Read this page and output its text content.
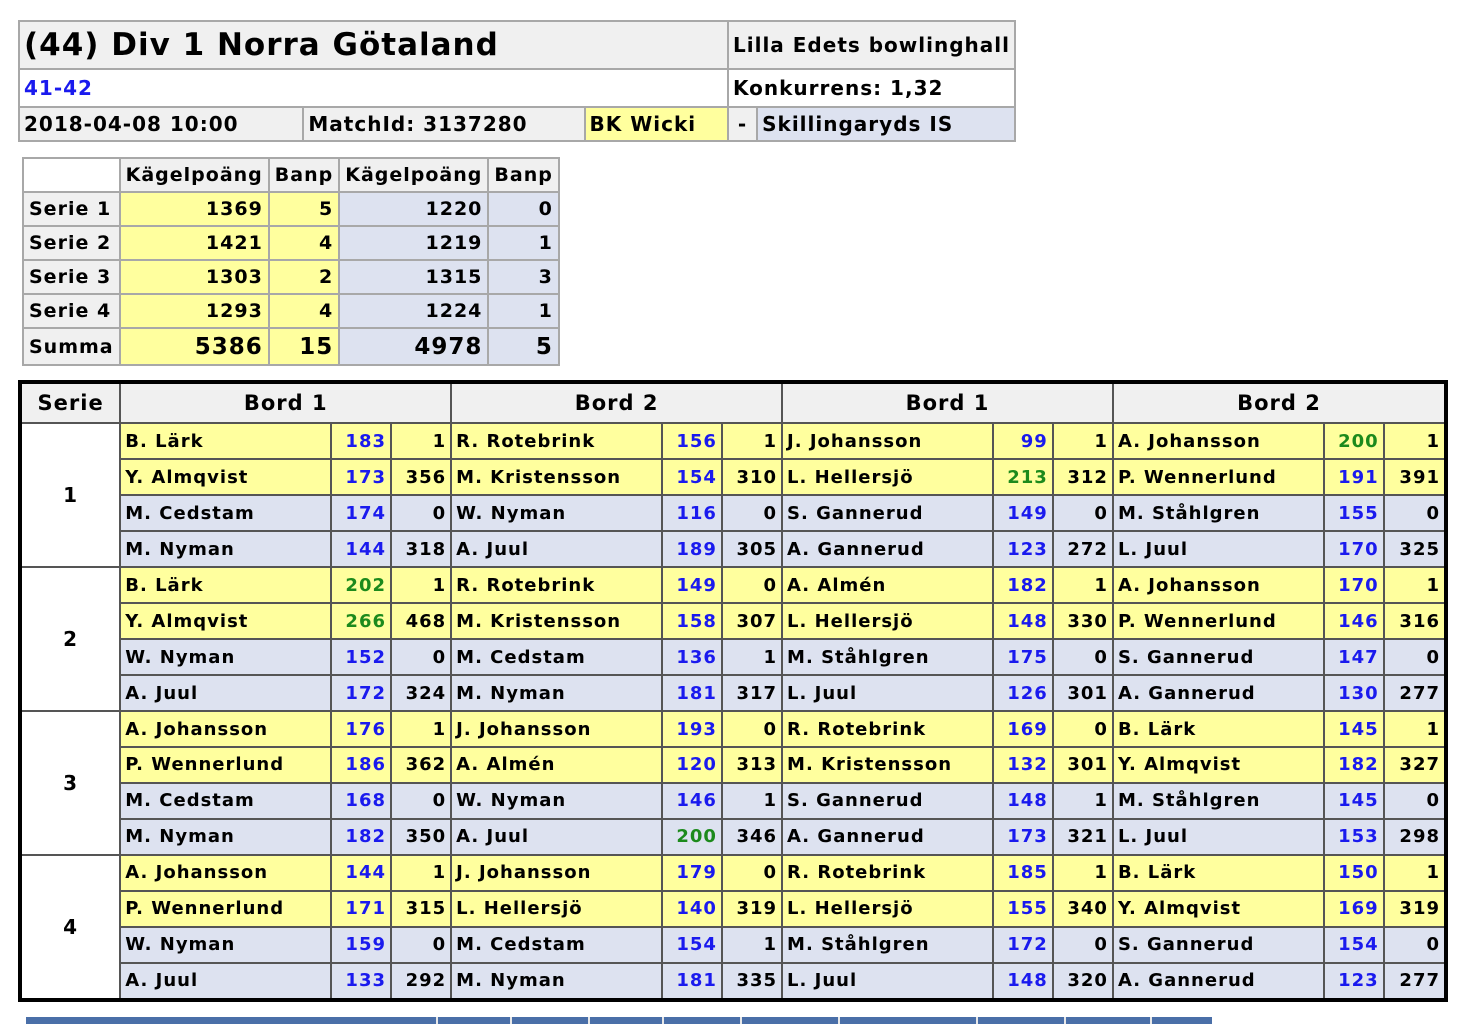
(44) Div 1 Norra Götaland			Lilla Edets bowlinghall	
41-42			Konkurrens: 1,32	
2018-04-08 10:00	MatchId: 3137280	BK Wicki	-	Skillingaryds IS
	Kägelpoäng	Banp	Kägelpoäng	Banp
Serie 1	1369	5	1220	0
Serie 2	1421	4	1219	1
Serie 3	1303	2	1315	3
Serie 4	1293	4	1224	1
Summa	5386	15	4978	5
Serie	Bord 1			Bord 2			Bord 1			Bord 2		
1	B. Lärk	183	1	R. Rotebrink	156	1	J. Johansson	99	1	A. Johansson	200	1
	Y. Almqvist	173	356	M. Kristensson	154	310	L. Hellersjö	213	312	P. Wennerlund	191	391
	M. Cedstam	174	0	W. Nyman	116	0	S. Gannerud	149	0	M. Ståhlgren	155	0
	M. Nyman	144	318	A. Juul	189	305	A. Gannerud	123	272	L. Juul	170	325
2	B. Lärk	202	1	R. Rotebrink	149	0	A. Almén	182	1	A. Johansson	170	1
	Y. Almqvist	266	468	M. Kristensson	158	307	L. Hellersjö	148	330	P. Wennerlund	146	316
	W. Nyman	152	0	M. Cedstam	136	1	M. Ståhlgren	175	0	S. Gannerud	147	0
	A. Juul	172	324	M. Nyman	181	317	L. Juul	126	301	A. Gannerud	130	277
3	A. Johansson	176	1	J. Johansson	193	0	R. Rotebrink	169	0	B. Lärk	145	1
	P. Wennerlund	186	362	A. Almén	120	313	M. Kristensson	132	301	Y. Almqvist	182	327
	M. Cedstam	168	0	W. Nyman	146	1	S. Gannerud	148	1	M. Ståhlgren	145	0
	M. Nyman	182	350	A. Juul	200	346	A. Gannerud	173	321	L. Juul	153	298
4	A. Johansson	144	1	J. Johansson	179	0	R. Rotebrink	185	1	B. Lärk	150	1
	P. Wennerlund	171	315	L. Hellersjö	140	319	L. Hellersjö	155	340	Y. Almqvist	169	319
	W. Nyman	159	0	M. Cedstam	154	1	M. Ståhlgren	172	0	S. Gannerud	154	0
	A. Juul	133	292	M. Nyman	181	335	L. Juul	148	320	A. Gannerud	123	277
